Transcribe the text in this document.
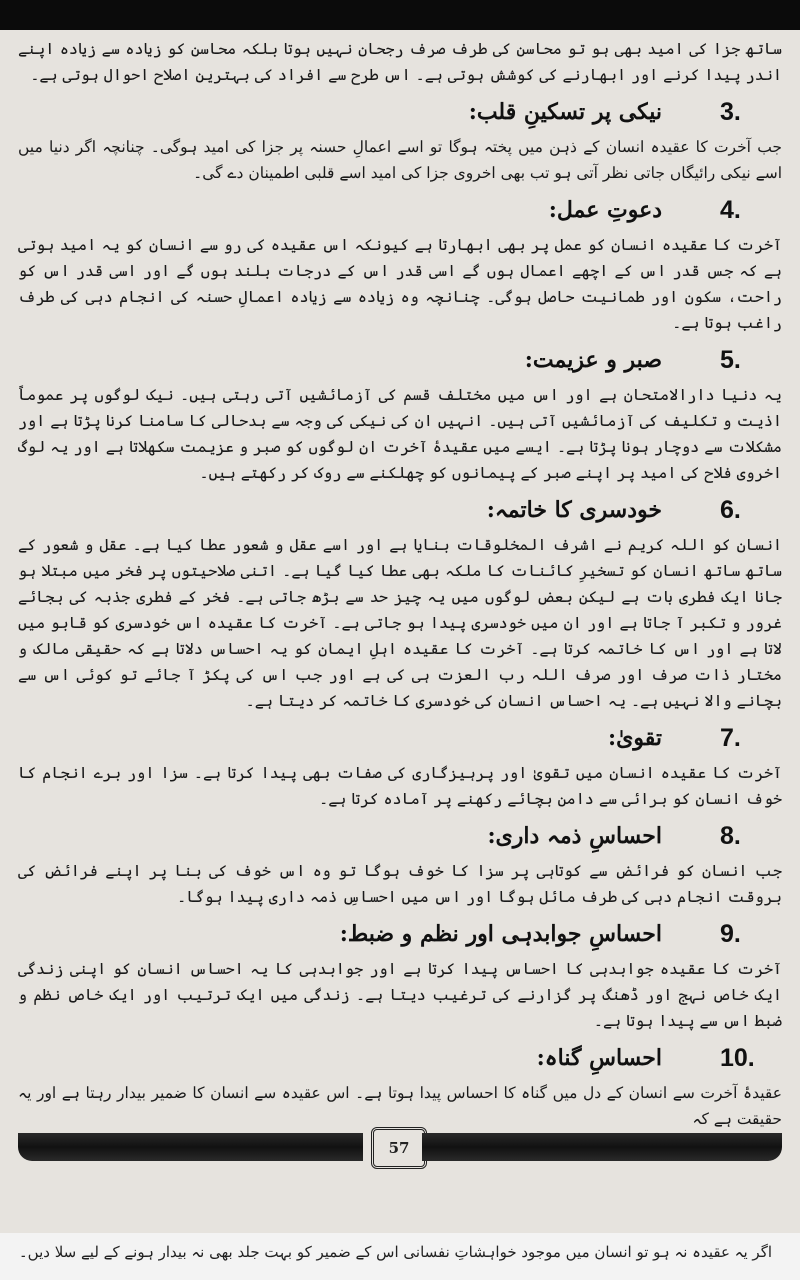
ساتھ جزا کی امید بھی ہو تو محاسن کی طرف صرف رجحان نہیں ہوتا بلکہ محاسن کو زیادہ سے زیادہ اپنے اندر پیدا کرنے اور ابھارنے کی کوشش ہوتی ہے۔ اس طرح سے افراد کی بہترین اصلاح احوال ہوتی ہے۔

3.
نیکی پر تسکینِ قلب:

جب آخرت کا عقیدہ انسان کے ذہن میں پختہ ہوگا تو اسے اعمالِ حسنہ پر جزا کی امید ہوگی۔ چنانچہ اگر دنیا میں اسے نیکی رائیگاں جاتی نظر آتی ہو تب بھی اخروی جزا کی امید اسے قلبی اطمینان دے گی۔

4.
دعوتِ عمل:

آخرت کا عقیدہ انسان کو عمل پر بھی ابھارتا ہے کیونکہ اس عقیدہ کی رو سے انسان کو یہ امید ہوتی ہے کہ جس قدر اس کے اچھے اعمال ہوں گے اسی قدر اس کے درجات بلند ہوں گے اور اسی قدر اس کو راحت، سکون اور طمانیت حاصل ہوگی۔ چنانچہ وہ زیادہ سے زیادہ اعمالِ حسنہ کی انجام دہی کی طرف راغب ہوتا ہے۔

5.
صبر و عزیمت:

یہ دنیا دارالامتحان ہے اور اس میں مختلف قسم کی آزمائشیں آتی رہتی ہیں۔ نیک لوگوں پر عموماً اذیت و تکلیف کی آزمائشیں آتی ہیں۔ انہیں ان کی نیکی کی وجہ سے بدحالی کا سامنا کرنا پڑتا ہے اور مشکلات سے دوچار ہونا پڑتا ہے۔ ایسے میں عقیدۂ آخرت ان لوگوں کو صبر و عزیمت سکھلاتا ہے اور یہ لوگ اخروی فلاح کی امید پر اپنے صبر کے پیمانوں کو چھلکنے سے روک کر رکھتے ہیں۔

6.
خودسری کا خاتمہ:

انسان کو اللہ کریم نے اشرف المخلوقات بنایا ہے اور اسے عقل و شعور عطا کیا ہے۔ عقل و شعور کے ساتھ ساتھ انسان کو تسخیرِ کائنات کا ملکہ بھی عطا کیا گیا ہے۔ اتنی صلاحیتوں پر فخر میں مبتلا ہو جانا ایک فطری بات ہے لیکن بعض لوگوں میں یہ چیز حد سے بڑھ جاتی ہے۔ فخر کے فطری جذبہ کی بجائے غرور و تکبر آ جاتا ہے اور ان میں خودسری پیدا ہو جاتی ہے۔ آخرت کا عقیدہ اس خودسری کو قابو میں لاتا ہے اور اس کا خاتمہ کرتا ہے۔ آخرت کا عقیدہ اہلِ ایمان کو یہ احساس دلاتا ہے کہ حقیقی مالک و مختار ذات صرف اور صرف اللہ رب العزت ہی کی ہے اور جب اس کی پکڑ آ جائے تو کوئی اس سے بچانے والا نہیں ہے۔ یہ احساس انسان کی خودسری کا خاتمہ کر دیتا ہے۔

7.
تقویٰ:

آخرت کا عقیدہ انسان میں تقویٰ اور پرہیزگاری کی صفات بھی پیدا کرتا ہے۔ سزا اور برے انجام کا خوف انسان کو برائی سے دامن بچائے رکھنے پر آمادہ کرتا ہے۔

8.
احساسِ ذمہ داری:

جب انسان کو فرائض سے کوتاہی پر سزا کا خوف ہوگا تو وہ اس خوف کی بنا پر اپنے فرائض کی بروقت انجام دہی کی طرف مائل ہوگا اور اس میں احساسِ ذمہ داری پیدا ہوگا۔

9.
احساسِ جوابدہی اور نظم و ضبط:

آخرت کا عقیدہ جوابدہی کا احساس پیدا کرتا ہے اور جوابدہی کا یہ احساس انسان کو اپنی زندگی ایک خاص نہج اور ڈھنگ پر گزارنے کی ترغیب دیتا ہے۔ زندگی میں ایک ترتیب اور ایک خاص نظم و ضبط اس سے پیدا ہوتا ہے۔

10.
احساسِ گناہ:

عقیدۂ آخرت سے انسان کے دل میں گناہ کا احساس پیدا ہوتا ہے۔ اس عقیدہ سے انسان کا ضمیر بیدار رہتا ہے اور یہ حقیقت ہے کہ

57
اگر یہ عقیدہ نہ ہو تو انسان میں موجود خواہشاتِ نفسانی اس کے ضمیر کو بہت جلد بھی نہ بیدار ہونے کے لیے سلا دیں۔
